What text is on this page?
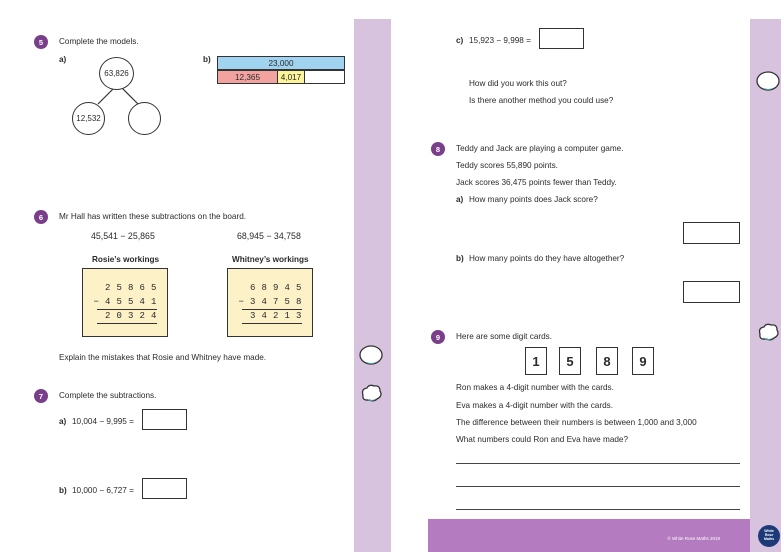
© White Rose Maths 2019
White Rose Maths
5	Complete the models.
a)	b)
63,826
12,532
23,000
12,365	4,017
6	Mr Hall has written these subtractions on the board.
45,541 − 25,865	68,945 − 34,758
Rosie’s workings
2 5 8 6 5
− 4 5 5 4 1
2 0 3 2 4
Whitney’s workings
6 8 9 4 5
− 3 4 7 5 8
3 4 2 1 3
Explain the mistakes that Rosie and Whitney have made.
7	Complete the subtractions.
a) 10,004 − 9,995 =
b) 10,000 − 6,727 =
c) 15,923 − 9,998 =
How did you work this out?
Is there another method you could use?
8	Teddy and Jack are playing a computer game.
Teddy scores 55,890 points.
Jack scores 36,475 points fewer than Teddy.
a) How many points does Jack score?
b) How many points do they have altogether?
9	Here are some digit cards.
1	5	8	9
Ron makes a 4-digit number with the cards.
Eva makes a 4-digit number with the cards.
The difference between their numbers is between 1,000 and 3,000
What numbers could Ron and Eva have made?
